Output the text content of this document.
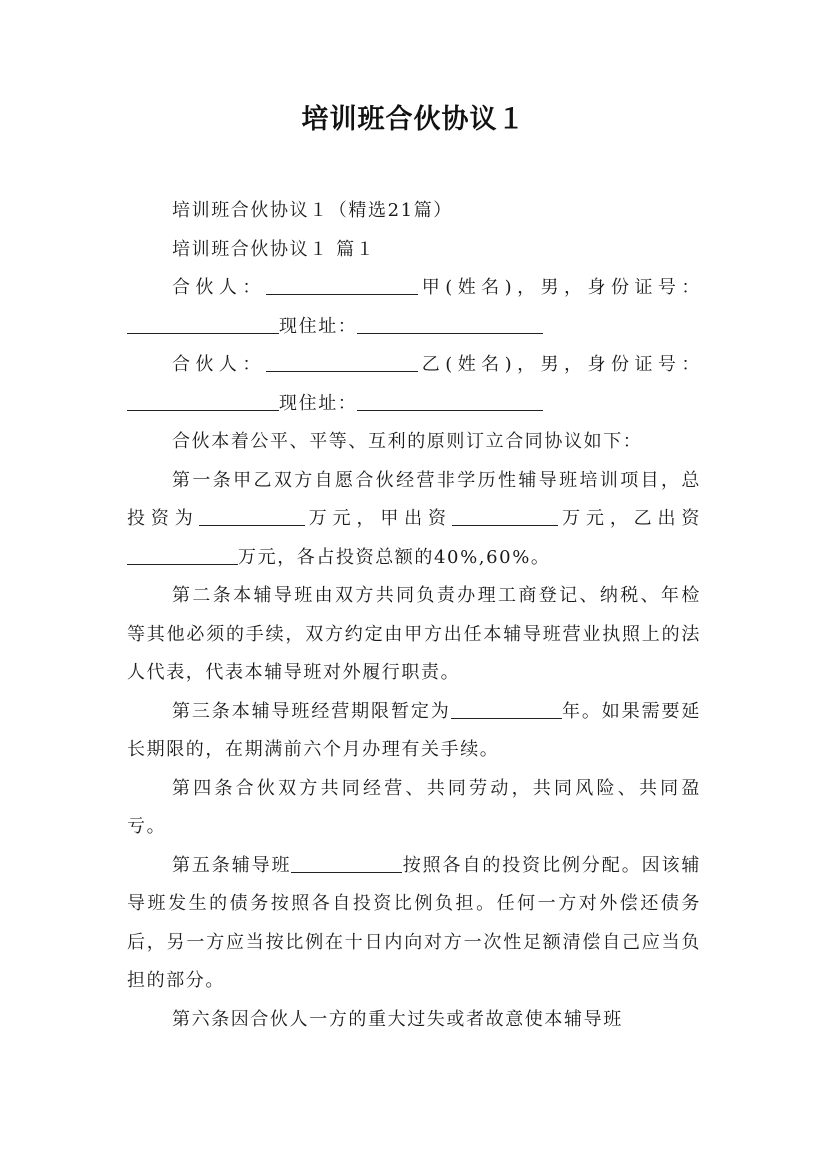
培训班合伙协议１

培训班合伙协议１（精选21篇）

培训班合伙协议１ 篇１

合伙人：	甲(姓名)，男，身份证号：现住址：

合伙人：	乙(姓名)，男，身份证号：现住址：

合伙本着公平、平等、互利的原则订立合同协议如下：

第一条甲乙双方自愿合伙经营非学历性辅导班培训项目，总投资为	万元，甲出资	万元，乙出资万元，各占投资总额的40%,60%。

第二条本辅导班由双方共同负责办理工商登记、纳税、年检等其他必须的手续，双方约定由甲方出任本辅导班营业执照上的法人代表，代表本辅导班对外履行职责。

第三条本辅导班经营期限暂定为	年。如果需要延长期限的，在期满前六个月办理有关手续。

第四条合伙双方共同经营、共同劳动，共同风险、共同盈亏。

第五条辅导班	按照各自的投资比例分配。因该辅导班发生的债务按照各自投资比例负担。任何一方对外偿还债务后，另一方应当按比例在十日内向对方一次性足额清偿自己应当负担的部分。

第六条因合伙人一方的重大过失或者故意使本辅导班
